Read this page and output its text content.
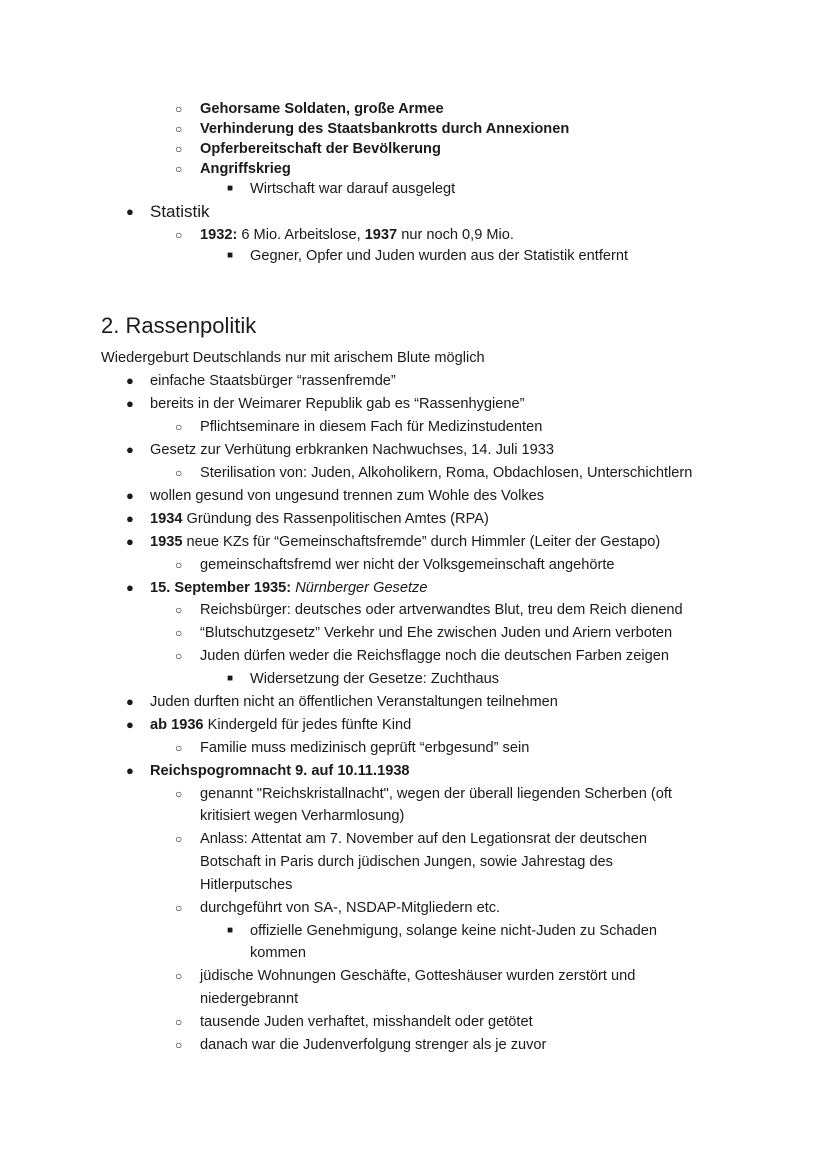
○ Gehorsame Soldaten, große Armee
○ Verhinderung des Staatsbankrotts durch Annexionen
○ Opferbereitschaft der Bevölkerung
○ Angriffskrieg
■ Wirtschaft war darauf ausgelegt
● Statistik
○ 1932: 6 Mio. Arbeitslose, 1937 nur noch 0,9 Mio.
■ Gegner, Opfer und Juden wurden aus der Statistik entfernt
2. Rassenpolitik
Wiedergeburt Deutschlands nur mit arischem Blute möglich
● einfache Staatsbürger “rassenfremde”
● bereits in der Weimarer Republik gab es “Rassenhygiene”
○ Pflichtseminare in diesem Fach für Medizinstudenten
● Gesetz zur Verhütung erbkranken Nachwuchses, 14. Juli 1933
○ Sterilisation von: Juden, Alkoholikern, Roma, Obdachlosen, Unterschichtlern
● wollen gesund von ungesund trennen zum Wohle des Volkes
● 1934 Gründung des Rassenpolitischen Amtes (RPA)
● 1935 neue KZs für “Gemeinschaftsfremde” durch Himmler (Leiter der Gestapo)
○ gemeinschaftsfremd wer nicht der Volksgemeinschaft angehörte
● 15. September 1935: Nürnberger Gesetze
○ Reichsbürger: deutsches oder artverwandtes Blut, treu dem Reich dienend
○ “Blutschutzgesetz” Verkehr und Ehe zwischen Juden und Ariern verboten
○ Juden dürfen weder die Reichsflagge noch die deutschen Farben zeigen
■ Widersetzung der Gesetze: Zuchthaus
● Juden durften nicht an öffentlichen Veranstaltungen teilnehmen
● ab 1936 Kindergeld für jedes fünfte Kind
○ Familie muss medizinisch geprüft “erbgesund” sein
● Reichspogromnacht 9. auf 10.11.1938
○ genannt "Reichskristallnacht", wegen der überall liegenden Scherben (oft
kritisiert wegen Verharmlosung)
○ Anlass: Attentat am 7. November auf den Legationsrat der deutschen
Botschaft in Paris durch jüdischen Jungen, sowie Jahrestag des
Hitlerputsches
○ durchgeführt von SA-, NSDAP-Mitgliedern etc.
■ offizielle Genehmigung, solange keine nicht-Juden zu Schaden
kommen
○ jüdische Wohnungen Geschäfte, Gotteshäuser wurden zerstört und
niedergebrannt
○ tausende Juden verhaftet, misshandelt oder getötet
○ danach war die Judenverfolgung strenger als je zuvor
